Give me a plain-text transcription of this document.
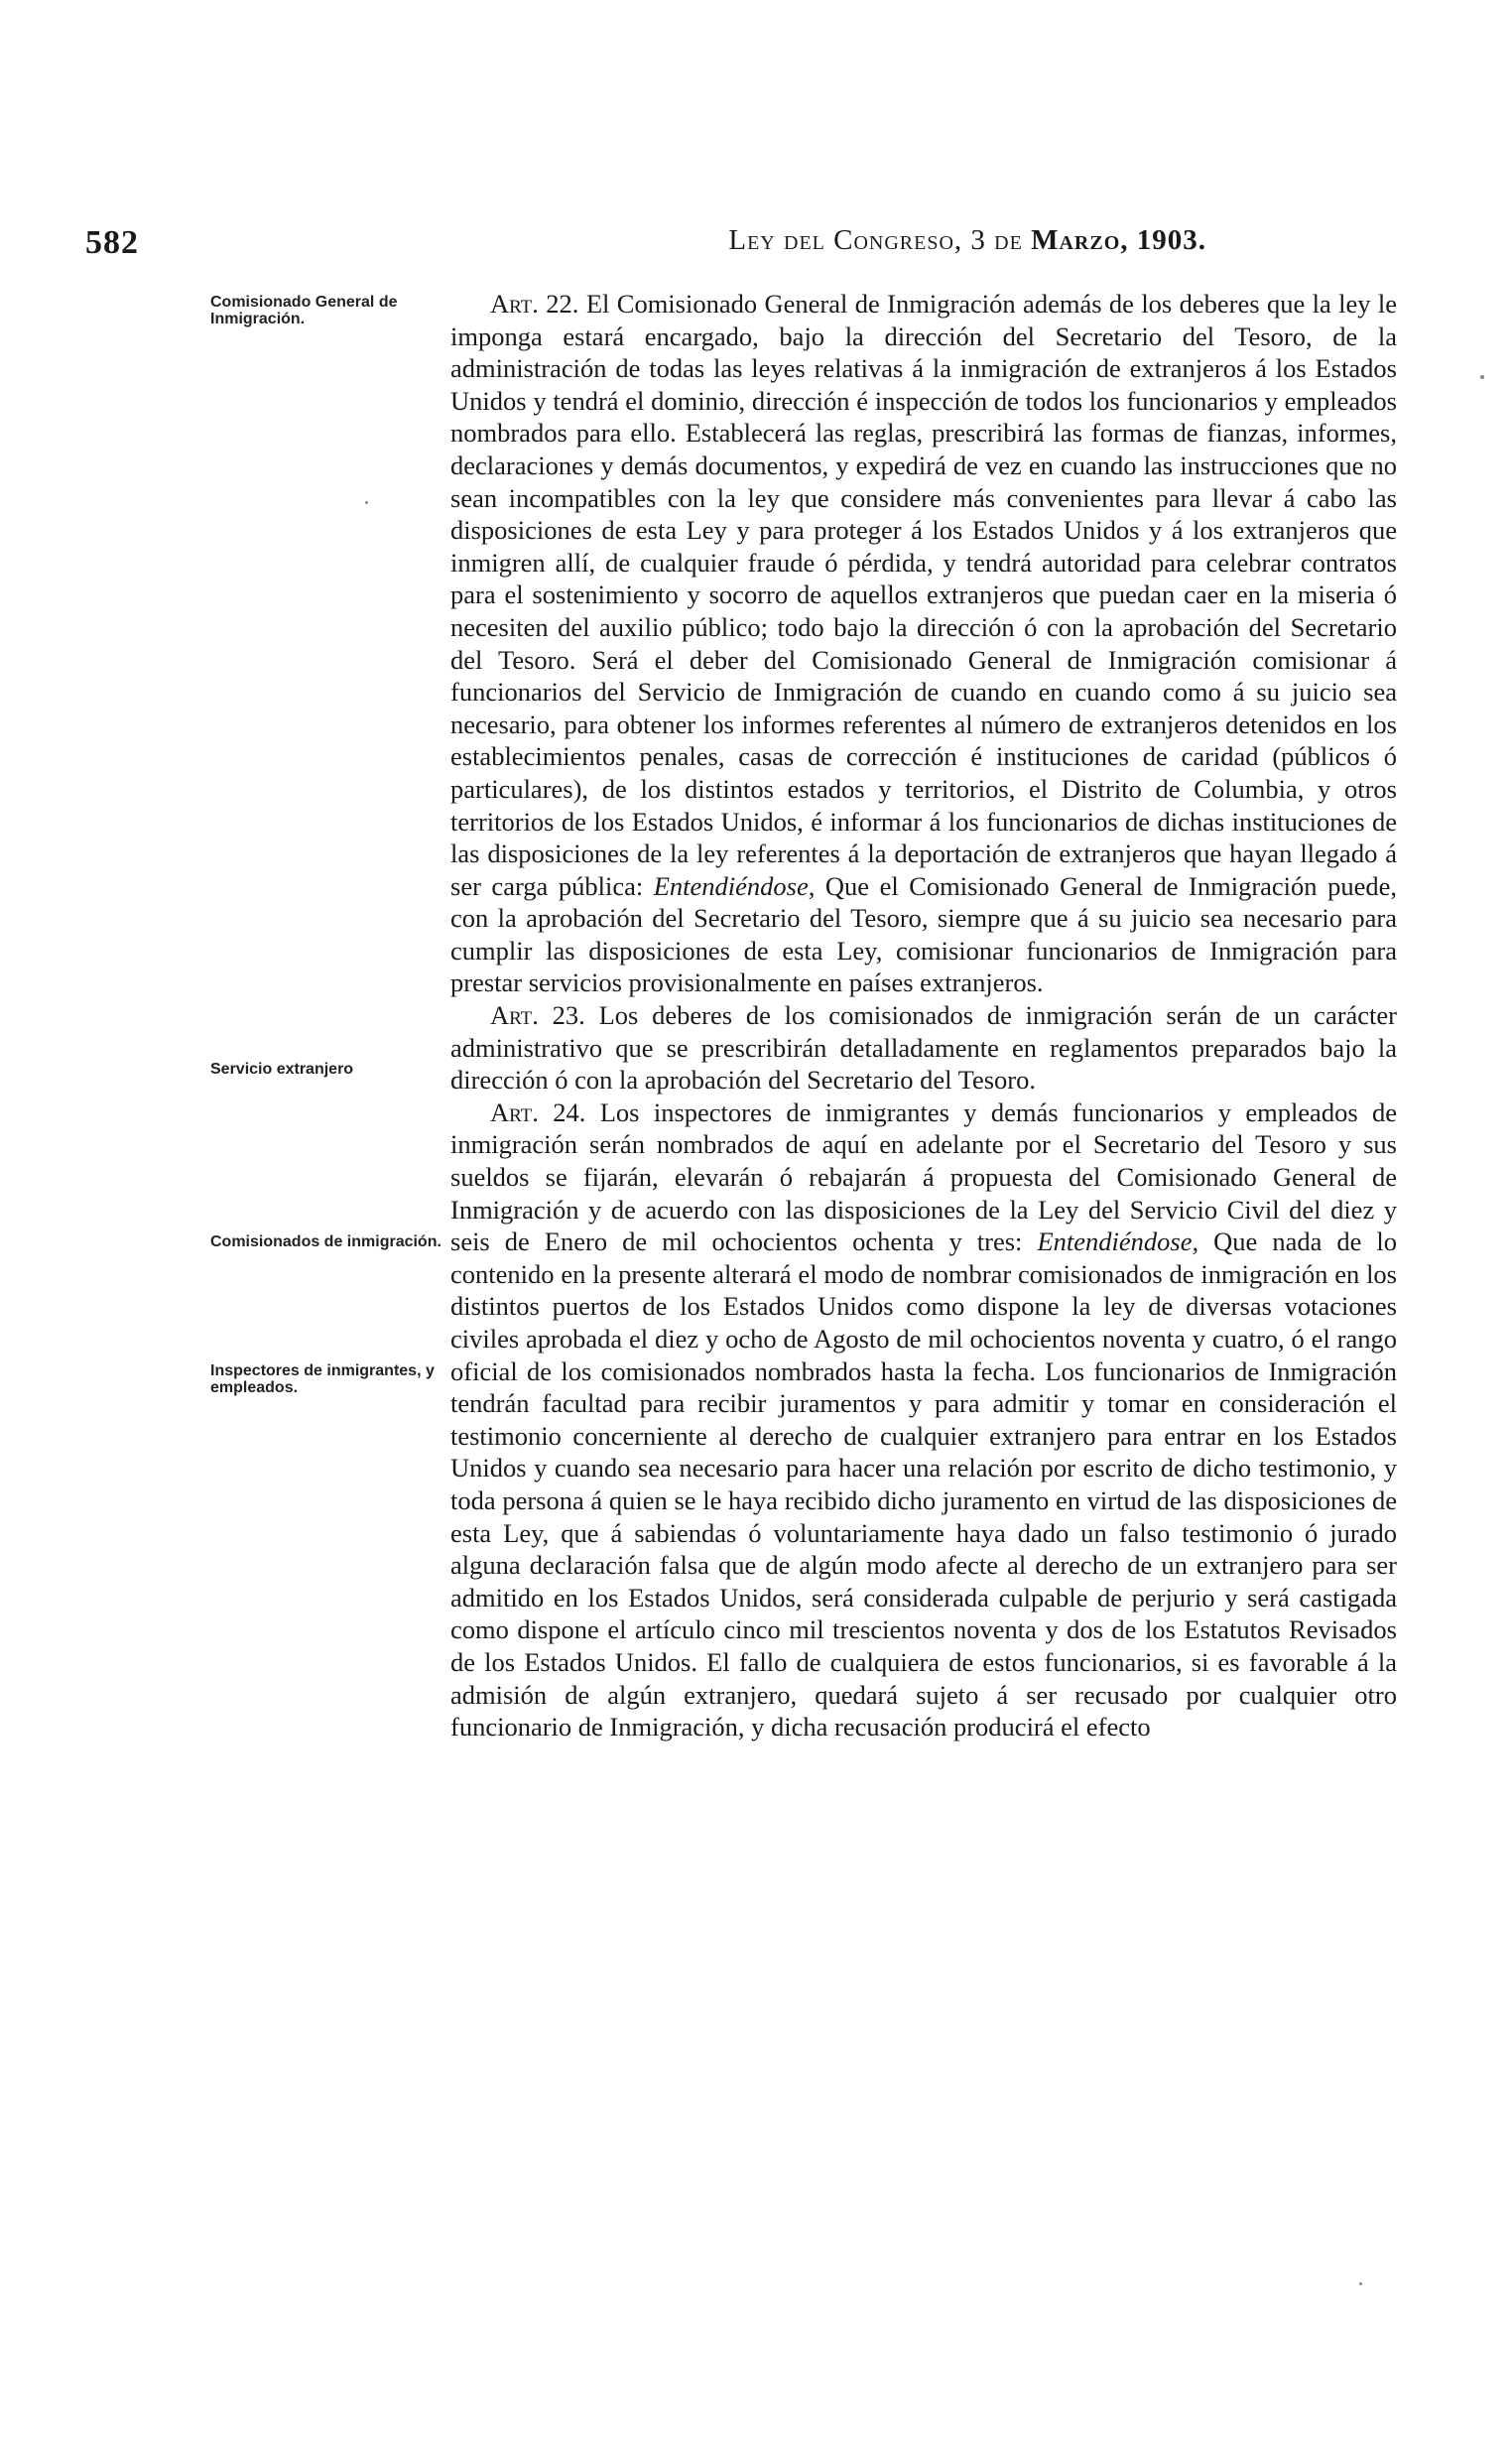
582	Ley del Congreso, 3 de Marzo, 1903.
Comisionado General de Inmigración.
Servicio extranjero
Comisionados de inmigración.
Inspectores de inmigrantes, y empleados.

Art. 22. El Comisionado General de Inmigración además de los deberes que la ley le imponga estará encargado, bajo la dirección del Secretario del Tesoro, de la administración de todas las leyes relativas á la inmigración de extranjeros á los Estados Unidos y tendrá el dominio, dirección é inspección de todos los funcionarios y empleados nombrados para ello. Establecerá las reglas, prescribirá las formas de fianzas, informes, declaraciones y demás documentos, y expedirá de vez en cuando las instrucciones que no sean incompatibles con la ley que considere más convenientes para llevar á cabo las disposiciones de esta Ley y para proteger á los Estados Unidos y á los extranjeros que inmigren allí, de cualquier fraude ó pérdida, y tendrá autoridad para celebrar contratos para el sostenimiento y socorro de aquellos extranjeros que puedan caer en la miseria ó necesiten del auxilio público; todo bajo la dirección ó con la aprobación del Secretario del Tesoro. Será el deber del Comisionado General de Inmigración comisionar á funcionarios del Servicio de Inmigración de cuando en cuando como á su juicio sea necesario, para obtener los informes referentes al número de extranjeros detenidos en los establecimientos penales, casas de corrección é instituciones de caridad (públicos ó particulares), de los distintos estados y territorios, el Distrito de Columbia, y otros territorios de los Estados Unidos, é informar á los funcionarios de dichas instituciones de las disposiciones de la ley referentes á la deportación de extranjeros que hayan llegado á ser carga pública: Entendiéndose, Que el Comisionado General de Inmigración puede, con la aprobación del Secretario del Tesoro, siempre que á su juicio sea necesario para cumplir las disposiciones de esta Ley, comisionar funcionarios de Inmigración para prestar servicios provisionalmente en países extranjeros.

Art. 23. Los deberes de los comisionados de inmigración serán de un carácter administrativo que se prescribirán detalladamente en reglamentos preparados bajo la dirección ó con la aprobación del Secretario del Tesoro.

Art. 24. Los inspectores de inmigrantes y demás funcionarios y empleados de inmigración serán nombrados de aquí en adelante por el Secretario del Tesoro y sus sueldos se fijarán, elevarán ó rebajarán á propuesta del Comisionado General de Inmigración y de acuerdo con las disposiciones de la Ley del Servicio Civil del diez y seis de Enero de mil ochocientos ochenta y tres: Entendiéndose, Que nada de lo contenido en la presente alterará el modo de nombrar comisionados de inmigración en los distintos puertos de los Estados Unidos como dispone la ley de diversas votaciones civiles aprobada el diez y ocho de Agosto de mil ochocientos noventa y cuatro, ó el rango oficial de los comisionados nombrados hasta la fecha. Los funcionarios de Inmigración tendrán facultad para recibir juramentos y para admitir y tomar en consideración el testimonio concerniente al derecho de cualquier extranjero para entrar en los Estados Unidos y cuando sea necesario para hacer una relación por escrito de dicho testimonio, y toda persona á quien se le haya recibido dicho juramento en virtud de las disposiciones de esta Ley, que á sabiendas ó voluntariamente haya dado un falso testimonio ó jurado alguna declaración falsa que de algún modo afecte al derecho de un extranjero para ser admitido en los Estados Unidos, será considerada culpable de perjurio y será castigada como dispone el artículo cinco mil trescientos noventa y dos de los Estatutos Revisados de los Estados Unidos. El fallo de cualquiera de estos funcionarios, si es favorable á la admisión de algún extranjero, quedará sujeto á ser recusado por cualquier otro funcionario de Inmigración, y dicha recusación producirá el efecto
